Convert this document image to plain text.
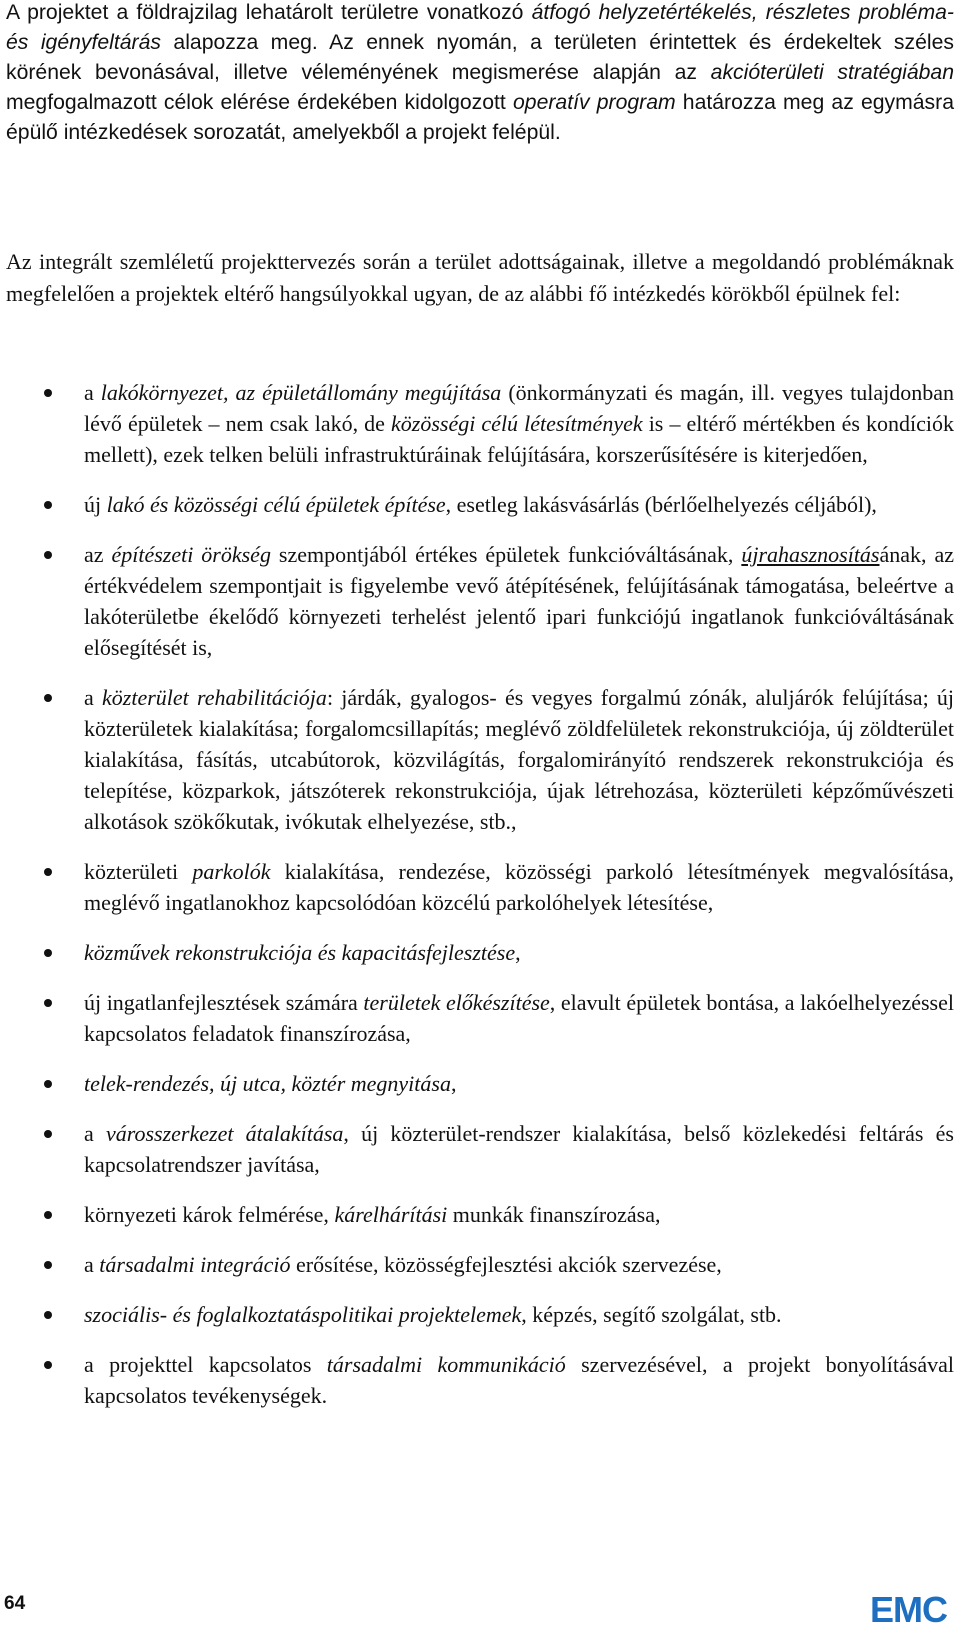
A projektet a földrajzilag lehatárolt területre vonatkozó átfogó helyzetértékelés, részletes probléma- és igényfeltárás alapozza meg. Az ennek nyomán, a területen érintettek és érdekeltek széles körének bevonásával, illetve véleményének megismerése alapján az akcióterületi stratégiában megfogalmazott célok elérése érdekében kidolgozott operatív program határozza meg az egymásra épülő intézkedések sorozatát, amelyekből a projekt felépül.

Az integrált szemléletű projekttervezés során a terület adottságainak, illetve a megoldandó problémáknak megfelelően a projektek eltérő hangsúlyokkal ugyan, de az alábbi fő intézkedés körökből épülnek fel:

a lakókörnyezet, az épületállomány megújítása (önkormányzati és magán, ill. vegyes tulajdonban lévő épületek – nem csak lakó, de közösségi célú létesítmények is – eltérő mértékben és kondíciók mellett), ezek telken belüli infrastruktúráinak felújítására, korszerűsítésére is kiterjedően,
új lakó és közösségi célú épületek építése, esetleg lakásvásárlás (bérlőelhelyezés céljából),
az építészeti örökség szempontjából értékes épületek funkcióváltásának, újrahasznosításának, az értékvédelem szempontjait is figyelembe vevő átépítésének, felújításának támogatása, beleértve a lakóterületbe ékelődő környezeti terhelést jelentő ipari funkciójú ingatlanok funkcióváltásának elősegítését is,
a közterület rehabilitációja: járdák, gyalogos- és vegyes forgalmú zónák, aluljárók felújítása; új közterületek kialakítása; forgalomcsillapítás; meglévő zöldfelületek rekonstrukciója, új zöldterület kialakítása, fásítás, utcabútorok, közvilágítás, forgalomirányító rendszerek rekonstrukciója és telepítése, közparkok, játszóterek rekonstrukciója, újak létrehozása, közterületi képzőművészeti alkotások szökőkutak, ivókutak elhelyezése, stb.,
közterületi parkolók kialakítása, rendezése, közösségi parkoló létesítmények megvalósítása, meglévő ingatlanokhoz kapcsolódóan közcélú parkolóhelyek létesítése,
közművek rekonstrukciója és kapacitásfejlesztése,
új ingatlanfejlesztések számára területek előkészítése, elavult épületek bontása, a lakóelhelyezéssel kapcsolatos feladatok finanszírozása,
telek-rendezés, új utca, köztér megnyitása,
a városszerkezet átalakítása, új közterület-rendszer kialakítása, belső közlekedési feltárás és kapcsolatrendszer javítása,
környezeti károk felmérése, kárelhárítási munkák finanszírozása,
a társadalmi integráció erősítése, közösségfejlesztési akciók szervezése,
szociális- és foglalkoztatáspolitikai projektelemek, képzés, segítő szolgálat, stb.
a projekttel kapcsolatos társadalmi kommunikáció szervezésével, a projekt bonyolításával kapcsolatos tevékenységek.
64	EMC
